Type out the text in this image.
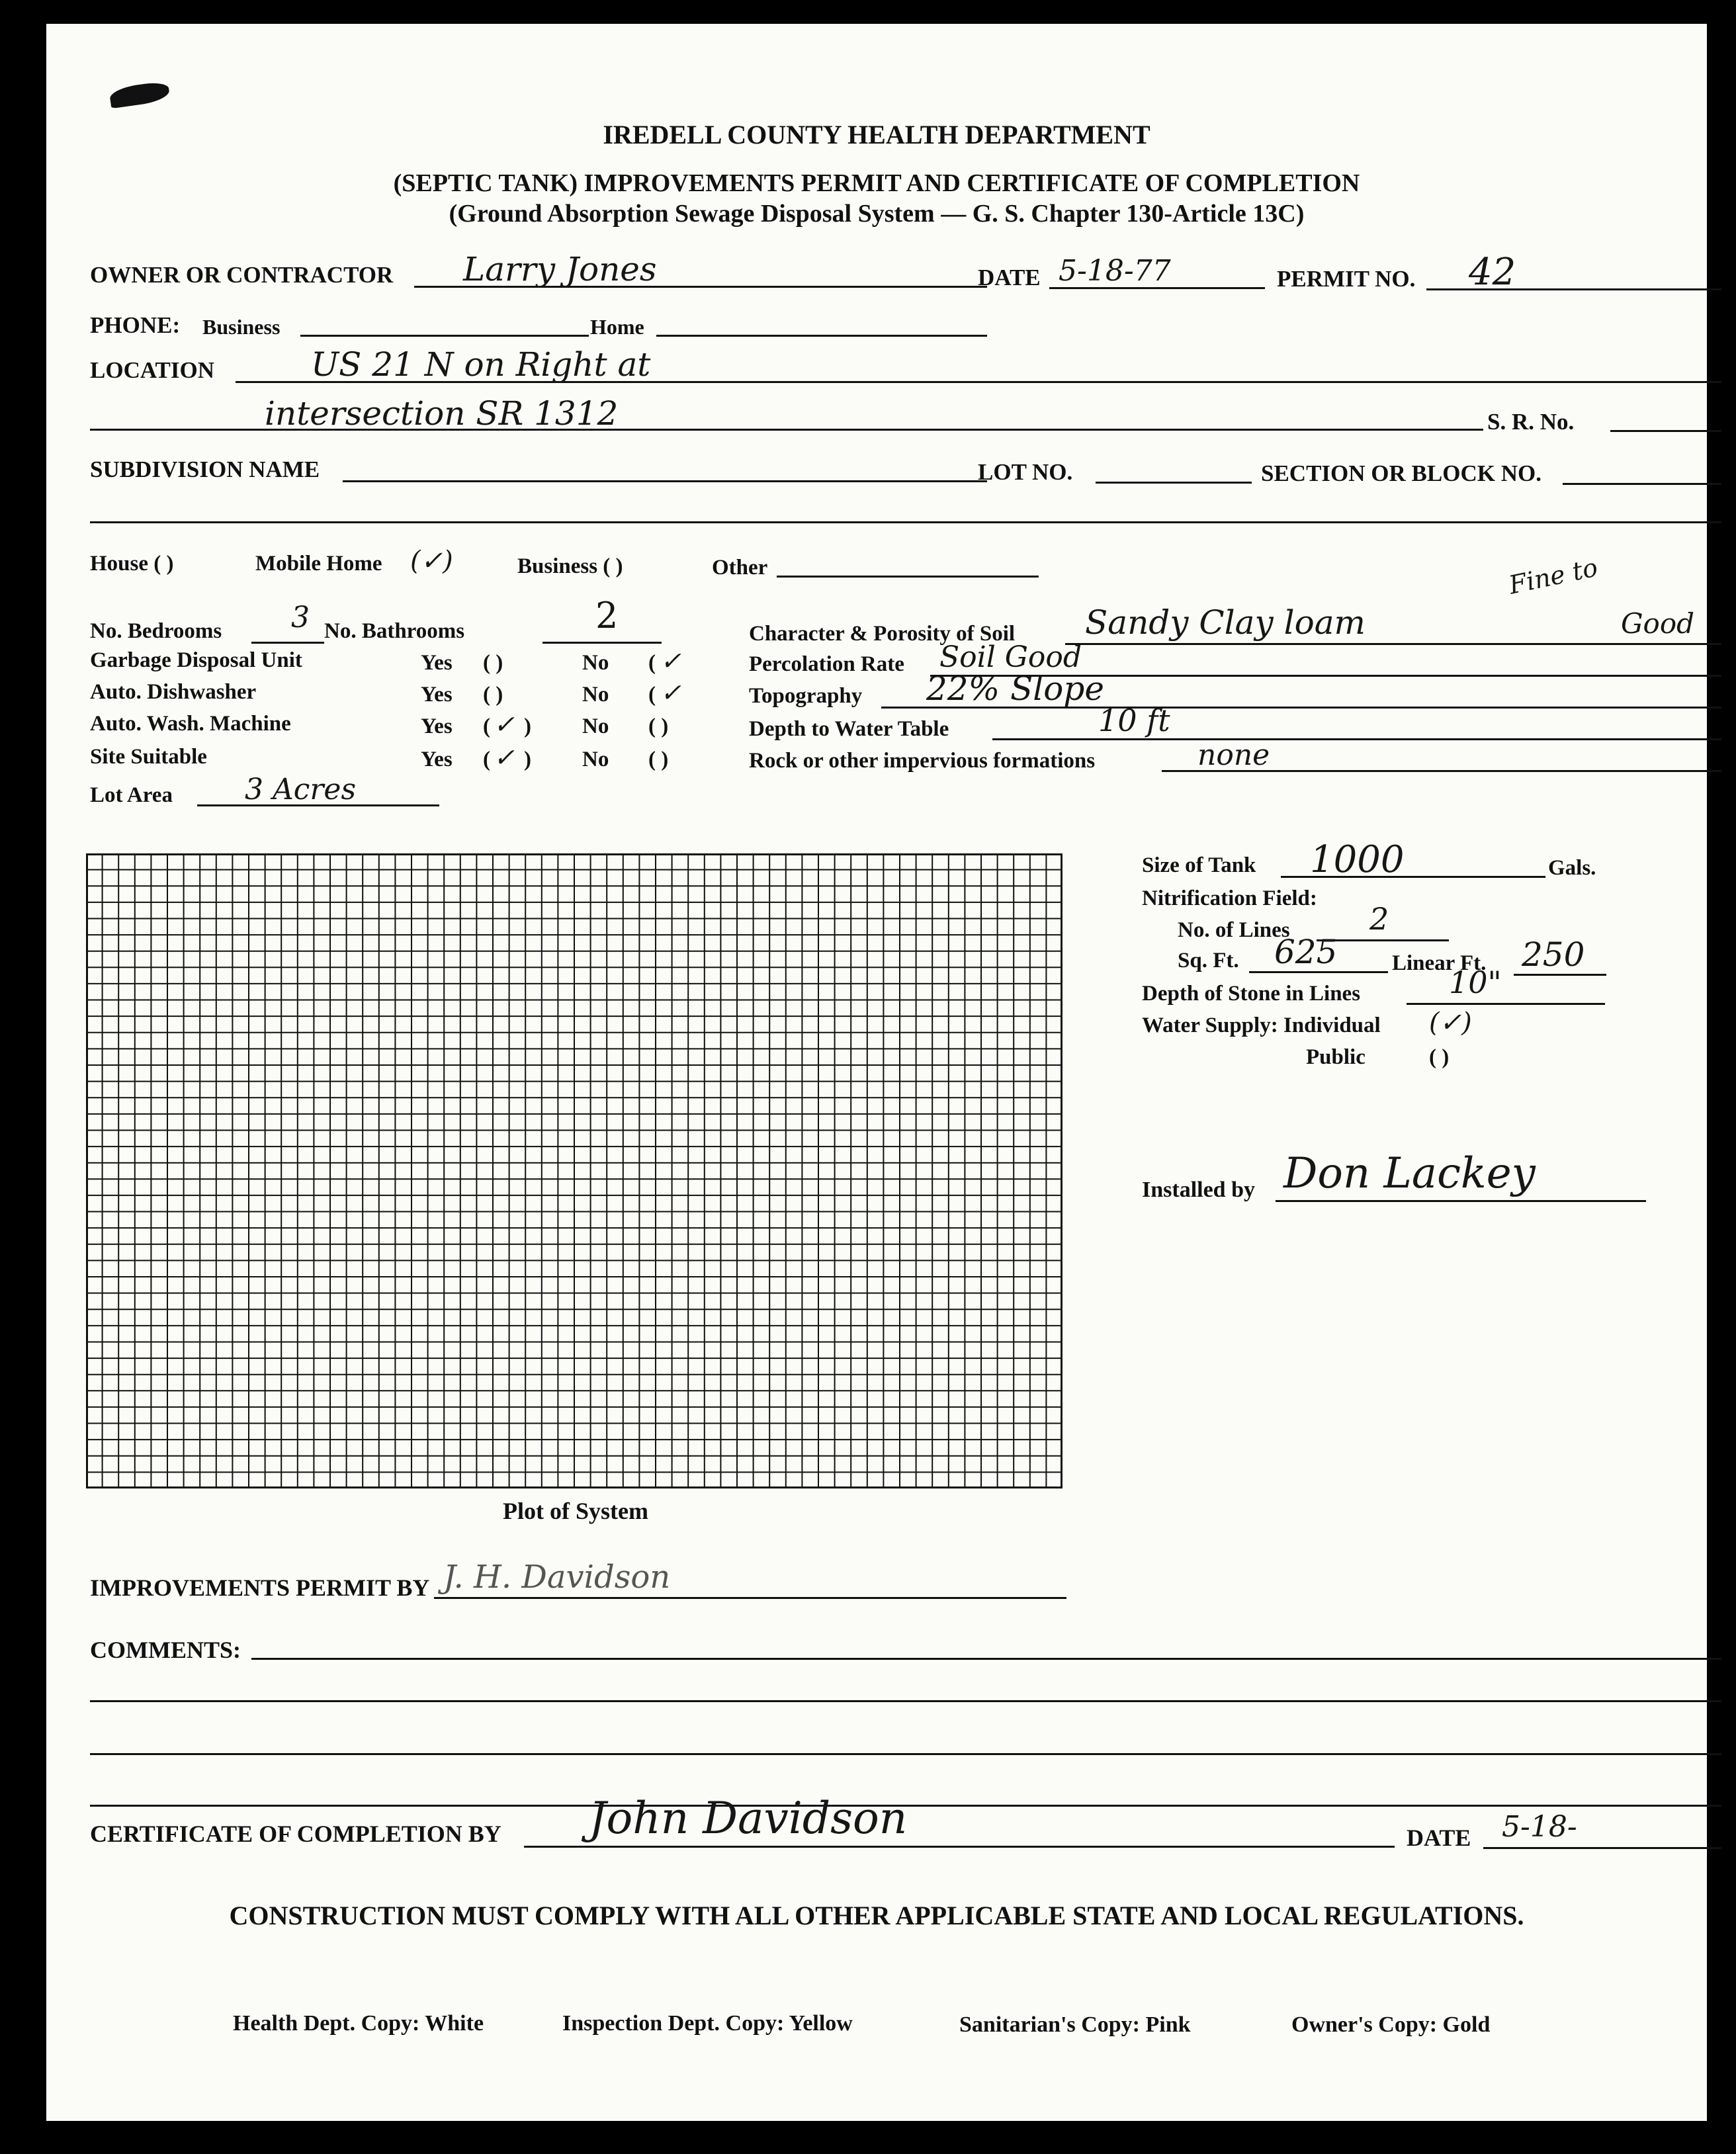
IREDELL COUNTY HEALTH DEPARTMENT
(SEPTIC TANK) IMPROVEMENTS PERMIT AND CERTIFICATE OF COMPLETION
(Ground Absorption Sewage Disposal System — G. S. Chapter 130-Article 13C)
OWNER OR CONTRACTOR Larry Jones	DATE 5-18-77	PERMIT NO. 42
PHONE: Business	Home
LOCATION	US 21 N on Right at
intersection SR 1312	S. R. No.
SUBDIVISION NAME	LOT NO.	SECTION OR BLOCK NO.
House ( )	Mobile Home (✓)	Business ( )	Other	Fine to
No. Bedrooms 3 No. Bathrooms	2
Garbage Disposal Unit	Yes ( )	No ( ✓
Auto. Dishwasher	Yes ( )	No ( ✓
Auto. Wash. Machine	Yes ( ✓ ) No ( )
Site Suitable	Yes ( ✓ ) No ( )
Lot Area 3 Acres
Character & Porosity of Soil Sandy Clay loam	Good
Percolation Rate Soil Good
Topography 22% Slope
Depth to Water Table	10 ft
Rock or other impervious formations	none
Plot of System
Size of Tank 1000	Gals.
Nitrification Field:
No. of Lines	2
Sq. Ft. 625	Linear Ft. 250
Depth of Stone in Lines	10"
Water Supply: Individual (✓)
Public	( )
Installed by Don Lackey
IMPROVEMENTS PERMIT BY J. H. Davidson
COMMENTS:
CERTIFICATE OF COMPLETION BY John Davidson	DATE 5-18-
CONSTRUCTION MUST COMPLY WITH ALL OTHER APPLICABLE STATE AND LOCAL REGULATIONS.
Health Dept. Copy: White	Inspection Dept. Copy: Yellow	Sanitarian's Copy: Pink	Owner's Copy: Gold
